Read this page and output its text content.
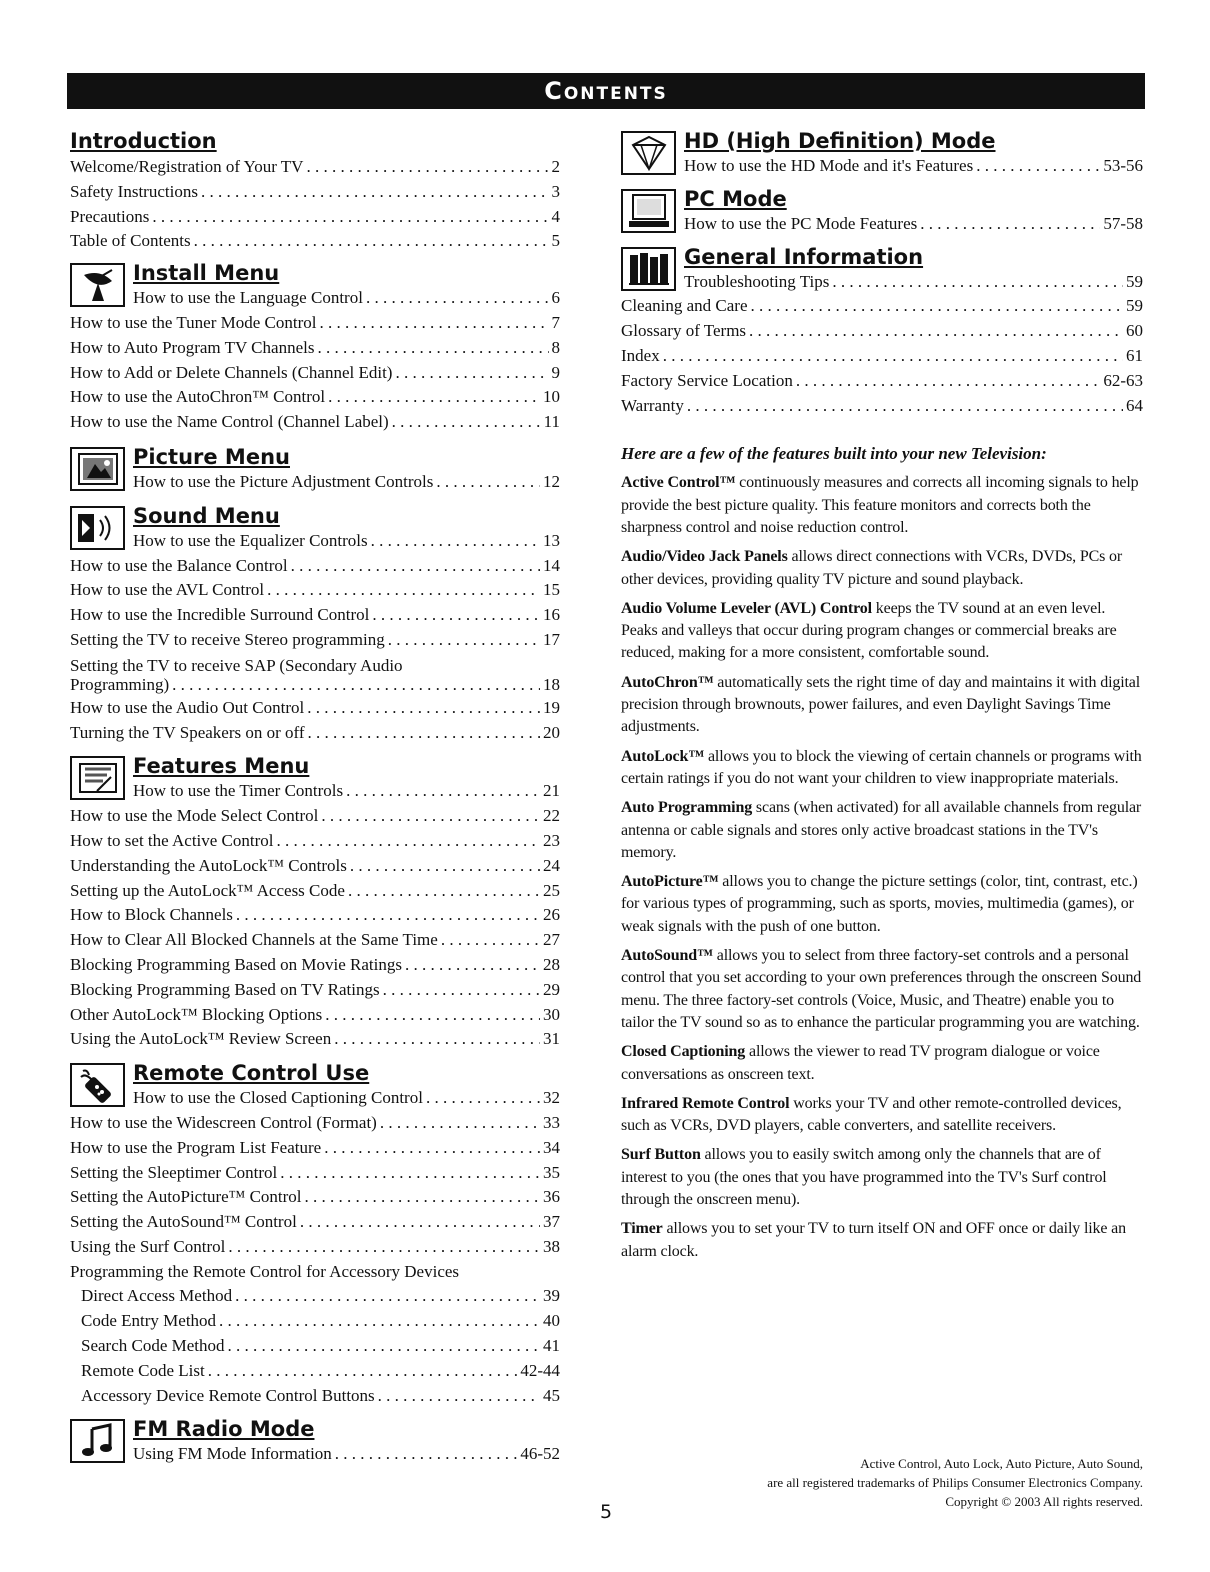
Contents
Introduction
Welcome/Registration of Your TV . . .	2
Safety Instructions . . .	3
Precautions . . .	4
Table of Contents . . .	5
Install Menu
How to use the Language Control . . .	6
How to use the Tuner Mode Control . . .	7
How to Auto Program TV Channels . . .	8
How to Add or Delete Channels (Channel Edit) . . .	9
How to use the AutoChron™ Control . . .	10
How to use the Name Control (Channel Label) . . .	11
Picture Menu
How to use the Picture Adjustment Controls . . .	12
Sound Menu
How to use the Equalizer Controls . . .	13
How to use the Balance Control . . .	14
How to use the AVL Control . . .	15
How to use the Incredible Surround Control . . .	16
Setting the TV to receive Stereo programming . . .	17
Setting the TV to receive SAP (Secondary Audio
Programming) . . .	18
How to use the Audio Out Control . . .	19
Turning the TV Speakers on or off . . .	20
Features Menu
How to use the Timer Controls . . .	21
How to use the Mode Select Control . . .	22
How to set the Active Control . . .	23
Understanding the AutoLock™ Controls . . .	24
Setting up the AutoLock™ Access Code . . .	25
How to Block Channels . . .	26
How to Clear All Blocked Channels at the Same Time . . .	27
Blocking Programming Based on Movie Ratings . . .	28
Blocking Programming Based on TV Ratings . . .	29
Other AutoLock™ Blocking Options . . .	30
Using the AutoLock™ Review Screen . . .	31
Remote Control Use
How to use the Closed Captioning Control . . .	32
How to use the Widescreen Control (Format) . . .	33
How to use the Program List Feature . . .	34
Setting the Sleeptimer Control . . .	35
Setting the AutoPicture™ Control . . .	36
Setting the AutoSound™ Control . . .	37
Using the Surf Control . . .	38
Programming the Remote Control for Accessory Devices
Direct Access Method . . .	39
Code Entry Method . . .	40
Search Code Method . . .	41
Remote Code List . . .	42-44
Accessory Device Remote Control Buttons . . .	45
FM Radio Mode
Using FM Mode Information . . .	46-52
HD (High Definition) Mode
How to use the HD Mode and it's Features . . .	53-56
PC Mode
How to use the PC Mode Features . . .	57-58
General Information
Troubleshooting Tips . . .	59
Cleaning and Care . . .	59
Glossary of Terms . . .	60
Index . . .	61
Factory Service Location . . .	62-63
Warranty . . .	64
Here are a few of the features built into your new Television:

Active Control™ continuously measures and corrects all incoming signals to help provide the best picture quality. This feature monitors and corrects both the sharpness control and noise reduction control.

Audio/Video Jack Panels allows direct connections with VCRs, DVDs, PCs or other devices, providing quality TV picture and sound playback.

Audio Volume Leveler (AVL) Control keeps the TV sound at an even level. Peaks and valleys that occur during program changes or commercial breaks are reduced, making for a more consistent, comfortable sound.

AutoChron™ automatically sets the right time of day and maintains it with digital precision through brownouts, power failures, and even Daylight Savings Time adjustments.

AutoLock™ allows you to block the viewing of certain channels or programs with certain ratings if you do not want your children to view inappropriate materials.

Auto Programming scans (when activated) for all available channels from regular antenna or cable signals and stores only active broadcast stations in the TV's memory.

AutoPicture™ allows you to change the picture settings (color, tint, contrast, etc.) for various types of programming, such as sports, movies, multimedia (games), or weak signals with the push of one button.

AutoSound™ allows you to select from three factory-set controls and a personal control that you set according to your own preferences through the onscreen Sound menu. The three factory-set controls (Voice, Music, and Theatre) enable you to tailor the TV sound so as to enhance the particular programming you are watching.

Closed Captioning allows the viewer to read TV program dialogue or voice conversations as onscreen text.

Infrared Remote Control works your TV and other remote-controlled devices, such as VCRs, DVD players, cable converters, and satellite receivers.

Surf Button allows you to easily switch among only the channels that are of interest to you (the ones that you have programmed into the TV's Surf control through the onscreen menu).

Timer allows you to set your TV to turn itself ON and OFF once or daily like an alarm clock.

Active Control, Auto Lock, Auto Picture, Auto Sound,
are all registered trademarks of Philips Consumer Electronics Company.
Copyright © 2003 All rights reserved.
5
